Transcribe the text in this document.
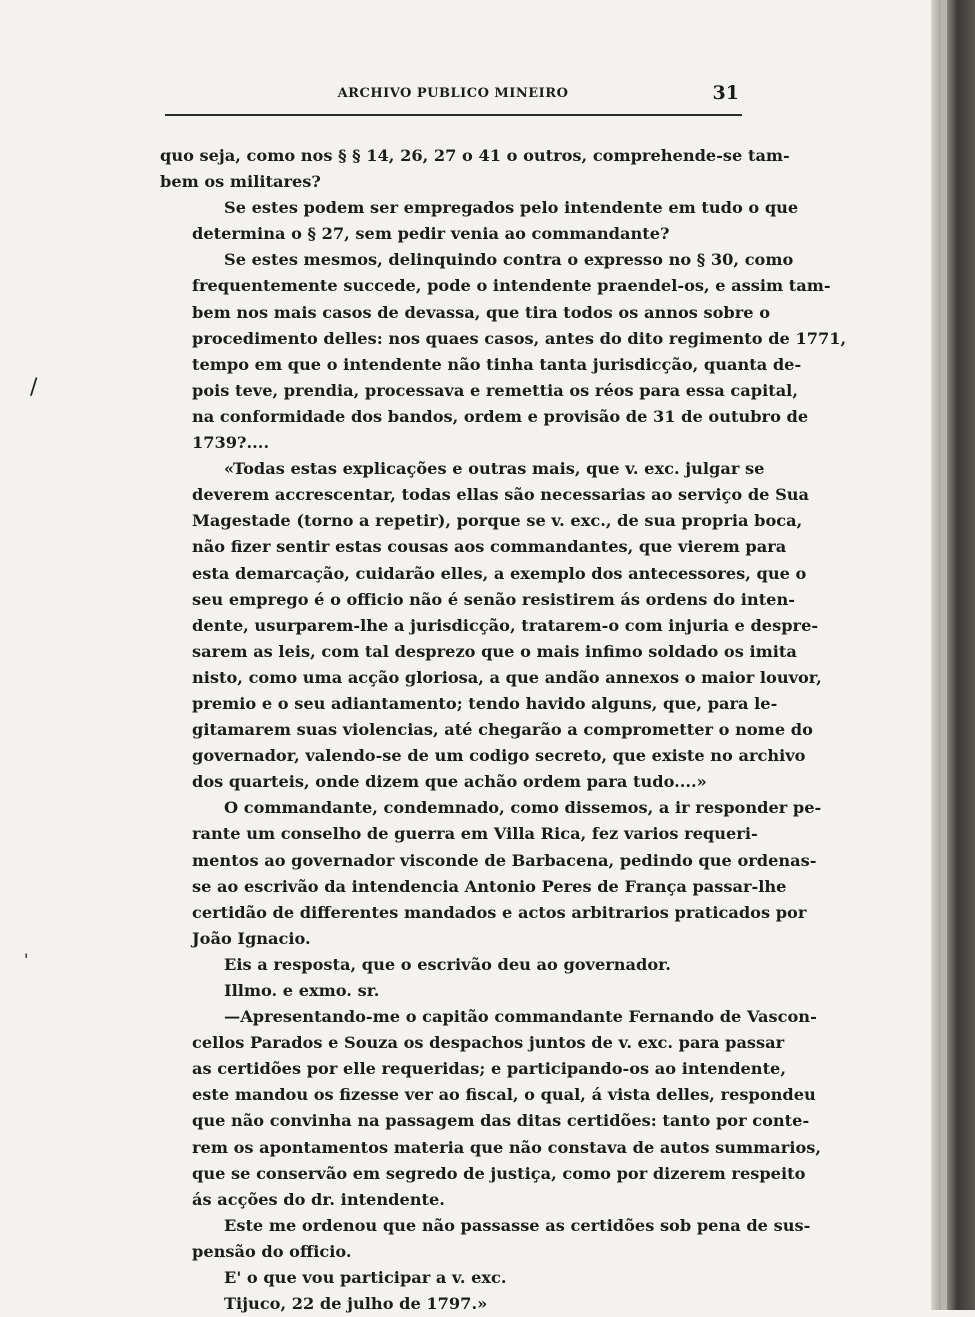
ARCHIVO PUBLICO MINEIRO	31
/
'
quo seja, como nos § § 14, 26, 27 o 41 o outros, comprehende-se tam-
bem os militares?
Se estes podem ser empregados pelo intendente em tudo o que
determina o § 27, sem pedir venia ao commandante?
Se estes mesmos, delinquindo contra o expresso no § 30, como
frequentemente succede, pode o intendente praendel-os, e assim tam-
bem nos mais casos de devassa, que tira todos os annos sobre o
procedimento delles: nos quaes casos, antes do dito regimento de 1771,
tempo em que o intendente não tinha tanta jurisdicção, quanta de-
pois teve, prendia, processava e remettia os réos para essa capital,
na conformidade dos bandos, ordem e provisão de 31 de outubro de
1739?....
«Todas estas explicações e outras mais, que v. exc. julgar se
deverem accrescentar, todas ellas são necessarias ao serviço de Sua
Magestade (torno a repetir), porque se v. exc., de sua propria boca,
não fizer sentir estas cousas aos commandantes, que vierem para
esta demarcação, cuidarão elles, a exemplo dos antecessores, que o
seu emprego é o officio não é senão resistirem ás ordens do inten-
dente, usurparem-lhe a jurisdicção, tratarem-o com injuria e despre-
sarem as leis, com tal desprezo que o mais infimo soldado os imita
nisto, como uma acção gloriosa, a que andão annexos o maior louvor,
premio e o seu adiantamento; tendo havido alguns, que, para le-
gitamarem suas violencias, até chegarão a comprometter o nome do
governador, valendo-se de um codigo secreto, que existe no archivo
dos quarteis, onde dizem que achão ordem para tudo....»
O commandante, condemnado, como dissemos, a ir responder pe-
rante um conselho de guerra em Villa Rica, fez varios requeri-
mentos ao governador visconde de Barbacena, pedindo que ordenas-
se ao escrivão da intendencia Antonio Peres de França passar-lhe
certidão de differentes mandados e actos arbitrarios praticados por
João Ignacio.
Eis a resposta, que o escrivão deu ao governador.
Illmo. e exmo. sr.
—Apresentando-me o capitão commandante Fernando de Vascon-
cellos Parados e Souza os despachos juntos de v. exc. para passar
as certidões por elle requeridas; e participando-os ao intendente,
este mandou os fizesse ver ao fiscal, o qual, á vista delles, respondeu
que não convinha na passagem das ditas certidões: tanto por conte-
rem os apontamentos materia que não constava de autos summarios,
que se conservão em segredo de justiça, como por dizerem respeito
ás acções do dr. intendente.
Este me ordenou que não passasse as certidões sob pena de sus-
pensão do officio.
E' o que vou participar a v. exc.
Tijuco, 22 de julho de 1797.»
